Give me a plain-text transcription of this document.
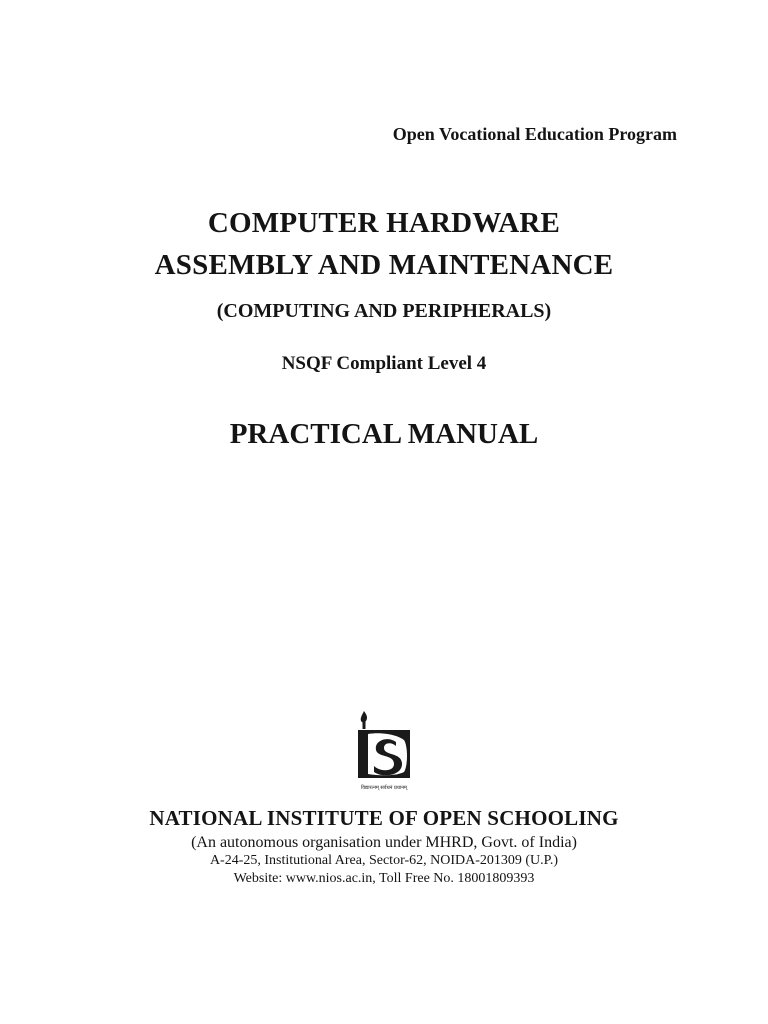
Open Vocational Education Program
COMPUTER HARDWARE
ASSEMBLY AND MAINTENANCE
(COMPUTING AND PERIPHERALS)
NSQF Compliant Level 4
PRACTICAL MANUAL
विद्यारत्नम् सर्वधनं प्रधानम्
NATIONAL INSTITUTE OF OPEN SCHOOLING
(An autonomous organisation under MHRD, Govt. of India)
A-24-25, Institutional Area, Sector-62, NOIDA-201309 (U.P.)
Website: www.nios.ac.in, Toll Free No. 18001809393
